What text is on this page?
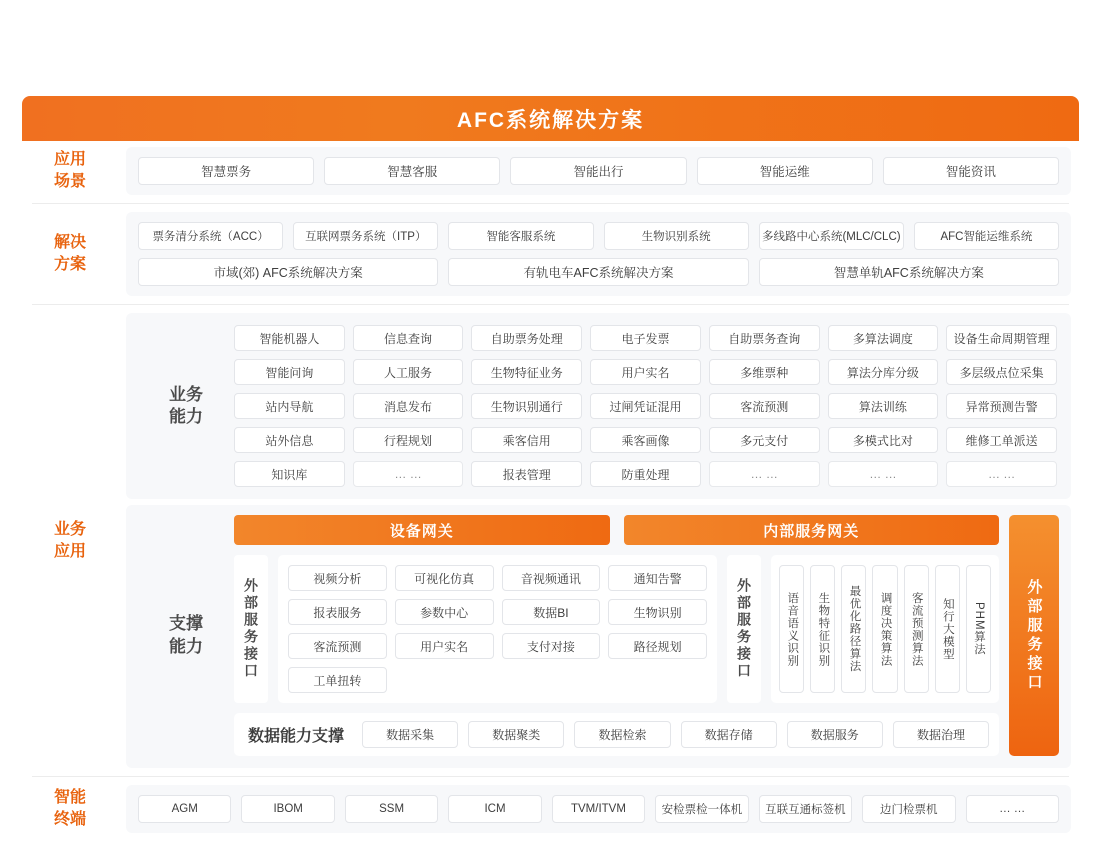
AFC系统解决方案
应用
场景
智慧票务	智慧客服	智能出行	智能运维	智能资讯
解决
方案
票务清分系统（ACC）	互联网票务系统（ITP）	智能客服系统	生物识别系统	多线路中心系统(MLC/CLC)	AFC智能运维系统
市域(郊) AFC系统解决方案	有轨电车AFC系统解决方案	智慧单轨AFC系统解决方案
业务
应用
业务
能力
智能机器人	信息查询	自助票务处理	电子发票	自助票务查询	多算法调度	设备生命周期管理
智能问询	人工服务	生物特征业务	用户实名	多维票种	算法分库分级	多层级点位采集
站内导航	消息发布	生物识别通行	过闸凭证混用	客流预测	算法训练	异常预测告警
站外信息	行程规划	乘客信用	乘客画像	多元支付	多模式比对	维修工单派送
知识库	… …	报表管理	防重处理	… …	… …	… …
支撑
能力
设备网关	内部服务网关
外部服务接口	视频分析	可视化仿真	音视频通讯	通知告警
报表服务	参数中心	数据BI	生物识别
客流预测	用户实名	支付对接	路径规划
工单扭转
外部服务接口	语音语义识别	生物特征识别	最优化路径算法	调度决策算法	客流预测算法	知行大模型	PHM算法
数据能力支撑	数据采集	数据聚类	数据检索	数据存储	数据服务	数据治理
外部服务接口
智能
终端
AGM	IBOM	SSM	ICM	TVM/ITVM	安检票检一体机	互联互通标签机	边门检票机	… …
